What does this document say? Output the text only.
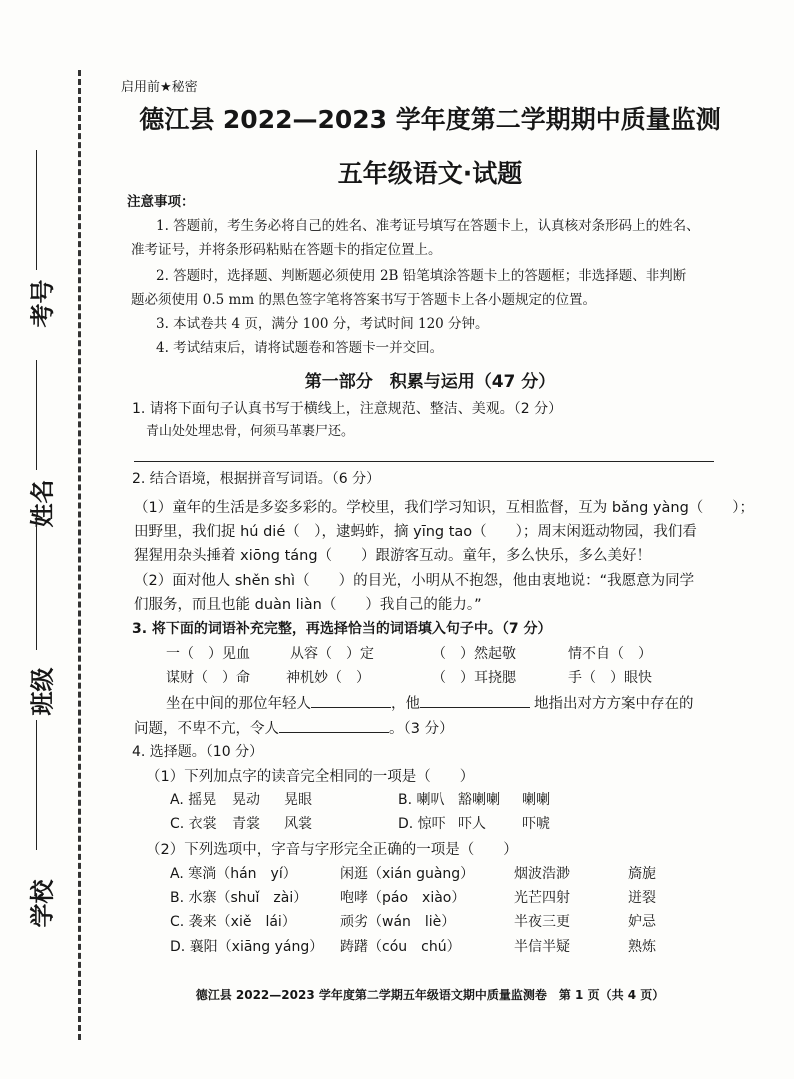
考号
姓名
班级
学校
启用前★秘密
德江县 2022—2023 学年度第二学期期中质量监测
五年级语文·试题
注意事项：
1. 答题前，考生务必将自己的姓名、准考证号填写在答题卡上，认真核对条形码上的姓名、
准考证号，并将条形码粘贴在答题卡的指定位置上。
2. 答题时，选择题、判断题必须使用 2B 铅笔填涂答题卡上的答题框；非选择题、非判断
题必须使用 0.5 mm 的黑色签字笔将答案书写于答题卡上各小题规定的位置。
3. 本试卷共 4 页，满分 100 分，考试时间 120 分钟。
4. 考试结束后，请将试题卷和答题卡一并交回。
第一部分　积累与运用（47 分）
1. 请将下面句子认真书写于横线上，注意规范、整洁、美观。（2 分）
青山处处埋忠骨，何须马革裹尸还。
2. 结合语境，根据拼音写词语。（6 分）
（1）童年的生活是多姿多彩的。学校里，我们学习知识，互相监督，互为 bǎng yàng（　　）；
田野里，我们捉 hú dié（　），逮蚂蚱，摘 yīng tao（　　）；周末闲逛动物园，我们看
猩猩用杂头捶着 xiōng táng（　　）跟游客互动。童年，多么快乐，多么美好！
（2）面对他人 shěn shì（　　）的目光，小明从不抱怨，他由衷地说：“我愿意为同学
们服务，而且也能 duàn liàn（　　）我自己的能力。”
3. 将下面的词语补充完整，再选择恰当的词语填入句子中。（7 分）
一（　）见血	从容（　）定	（　）然起敬	情不自（　）
谋财（　）命	神机妙（　）	（　）耳挠腮	手（　）眼快
坐在中间的那位年轻人	，他	地指出对方方案中存在的
问题，不卑不亢，令人	。（3 分）
4. 选择题。（10 分）
（1）下列加点字的读音完全相同的一项是（　　）
A. 摇晃 晃动 晃眼	B. 喇叭 豁喇喇 喇喇
C. 衣裳 青裳 风裳	D. 惊吓 吓人	吓唬
（2）下列选项中，字音与字形完全正确的一项是（　　）
A. 寒淌（hán　yí）	闲逛（xián guàng）	烟波浩渺	旖旎
B. 水寨（shuǐ　zài） 咆哮（páo　xiào）	光芒四射	迸裂
C. 袭来（xiě　lái）	顽劣（wán　liè）	半夜三更	妒忌
D. 襄阳（xiāng yáng） 踌躇（cóu　chú）	半信半疑	熟炼
德江县 2022—2023 学年度第二学期五年级语文期中质量监测卷　第 1 页（共 4 页）
